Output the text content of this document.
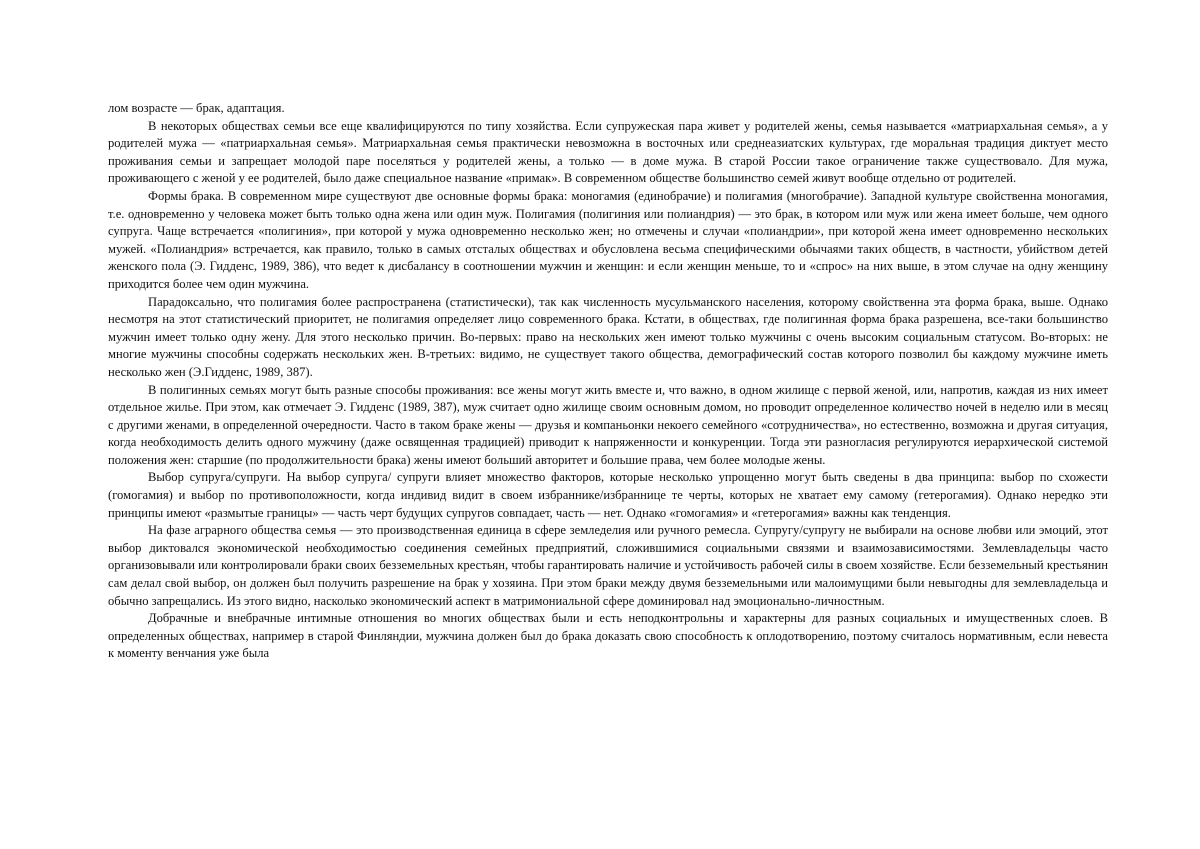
лом возрасте — брак, адаптация.

В некоторых обществах семьи все еще квалифицируются по типу хозяйства. Если супружеская пара живет у родителей жены, семья называется «матриархальная семья», а у родителей мужа — «патриархальная семья». Матриархальная семья практически невозможна в восточных или среднеазиатских культурах, где моральная традиция диктует место проживания семьи и запрещает молодой паре поселяться у родителей жены, а только — в доме мужа. В старой России такое ограничение также существовало. Для мужа, проживающего с женой у ее родителей, было даже специальное название «примак». В современном обществе большинство семей живут вообще отдельно от родителей.

Формы брака. В современном мире существуют две основные формы брака: моногамия (единобрачие) и полигамия (многобрачие). Западной культуре свойственна моногамия, т.е. одновременно у человека может быть только одна жена или один муж. Полигамия (полигиния или полиандрия) — это брак, в котором или муж или жена имеет больше, чем одного супруга. Чаще встречается «полигиния», при которой у мужа одновременно несколько жен; но отмечены и случаи «полиандрии», при которой жена имеет одновременно нескольких мужей. «Полиандрия» встречается, как правило, только в самых отсталых обществах и обусловлена весьма специфическими обычаями таких обществ, в частности, убийством детей женского пола (Э. Гидденс, 1989, 386), что ведет к дисбалансу в соотношении мужчин и женщин: и если женщин меньше, то и «спрос» на них выше, в этом случае на одну женщину приходится более чем один мужчина.

Парадоксально, что полигамия более распространена (статистически), так как численность мусульманского населения, которому свойственна эта форма брака, выше. Однако несмотря на этот статистический приоритет, не полигамия определяет лицо современного брака. Кстати, в обществах, где полигинная форма брака разрешена, все-таки большинство мужчин имеет только одну жену. Для этого несколько причин. Во-первых: право на нескольких жен имеют только мужчины с очень высоким социальным статусом. Во-вторых: не многие мужчины способны содержать нескольких жен. В-третьих: видимо, не существует такого общества, демографический состав которого позволил бы каждому мужчине иметь несколько жен (Э.Гидденс, 1989, 387).

В полигинных семьях могут быть разные способы проживания: все жены могут жить вместе и, что важно, в одном жилище с первой женой, или, напротив, каждая из них имеет отдельное жилье. При этом, как отмечает Э. Гидденс (1989, 387), муж считает одно жилище своим основным домом, но проводит определенное количество ночей в неделю или в месяц с другими женами, в определенной очередности. Часто в таком браке жены — друзья и компаньонки некоего семейного «сотрудничества», но естественно, возможна и другая ситуация, когда необходимость делить одного мужчину (даже освященная традицией) приводит к напряженности и конкуренции. Тогда эти разногласия регулируются иерархической системой положения жен: старшие (по продолжительности брака) жены имеют больший авторитет и большие права, чем более молодые жены.

Выбор супруга/супруги. На выбор супруга/ супруги влияет множество факторов, которые несколько упрощенно могут быть сведены в два принципа: выбор по схожести (гомогамия) и выбор по противоположности, когда индивид видит в своем избраннике/избраннице те черты, которых не хватает ему самому (гетерогамия). Однако нередко эти принципы имеют «размытые границы» — часть черт будущих супругов совпадает, часть — нет. Однако «гомогамия» и «гетерогамия» важны как тенденция.

На фазе аграрного общества семья — это производственная единица в сфере земледелия или ручного ремесла. Супругу/супругу не выбирали на основе любви или эмоций, этот выбор диктовался экономической необходимостью соединения семейных предприятий, сложившимися социальными связями и взаимозависимостями. Землевладельцы часто организовывали или контролировали браки своих безземельных крестьян, чтобы гарантировать наличие и устойчивость рабочей силы в своем хозяйстве. Если безземельный крестьянин сам делал свой выбор, он должен был получить разрешение на брак у хозяина. При этом браки между двумя безземельными или малоимущими были невыгодны для землевладельца и обычно запрещались. Из этого видно, насколько экономический аспект в матримониальной сфере доминировал над эмоционально-личностным.

Добрачные и внебрачные интимные отношения во многих обществах были и есть неподконтрольны и характерны для разных социальных и имущественных слоев. В определенных обществах, например в старой Финляндии, мужчина должен был до брака доказать свою способность к оплодотворению, поэтому считалось нормативным, если невеста к моменту венчания уже была
